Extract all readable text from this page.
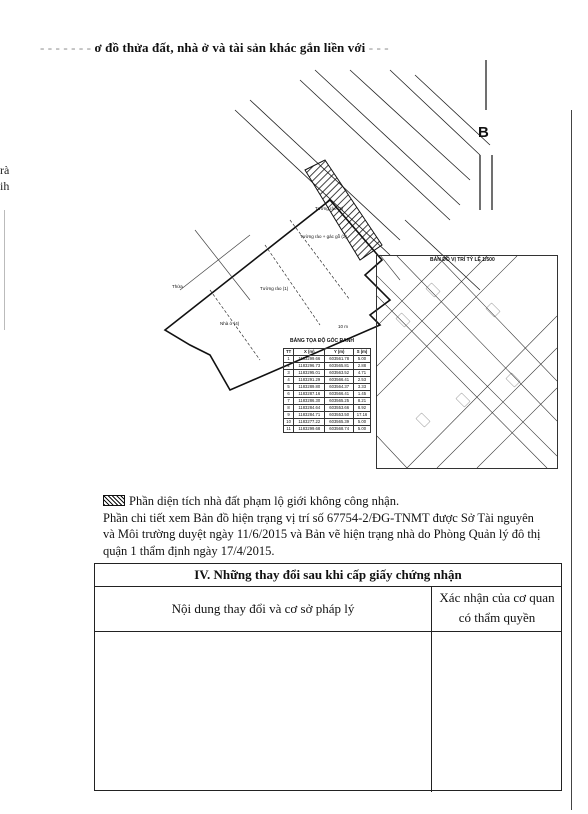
- - - - - - - ơ đồ thửa đất, nhà ở và tài sản khác gắn liền với - - -
rà
ih
Tường rào + gác gỗ (2)
Tường rào (1)
Tường rào (3)
Nhà ở (4)
10 m
Thửa
B
BẢNG TỌA ĐỘ GÓC RANH
TT	X (m)	Y (m)	S (m)
1	1183299.66	603561.78	5.00
2	1183296.73	603565.81	2.88
3	1183295.01	603563.52	4.71
4	1183291.29	603566.41	2.53
5	1183289.80	603564.37	3.33
6	1183287.16	603566.41	1.45
7	1183286.30	603565.25	8.21
8	1183284.64	603553.66	8.92
9	1183284.71	603553.50	17.16
10	1183277.22	603565.39	5.00
11	1183299.68	603568.74	5.00
BẢN ĐỒ VỊ TRÍ TỶ LỆ 1/500
Phần diện tích nhà đất phạm lộ giới không công nhận.
Phần chi tiết xem Bản đồ hiện trạng vị trí số 67754-2/ĐG-TNMT được Sở Tài nguyên
và Môi trường duyệt ngày 11/6/2015 và Bản vẽ hiện trạng nhà do Phòng Quản lý đô thị
quận 1 thẩm định ngày 17/4/2015.
IV. Những thay đổi sau khi cấp giấy chứng nhận
Nội dung thay đổi và cơ sở pháp lý
Xác nhận của cơ quan
có thẩm quyền
